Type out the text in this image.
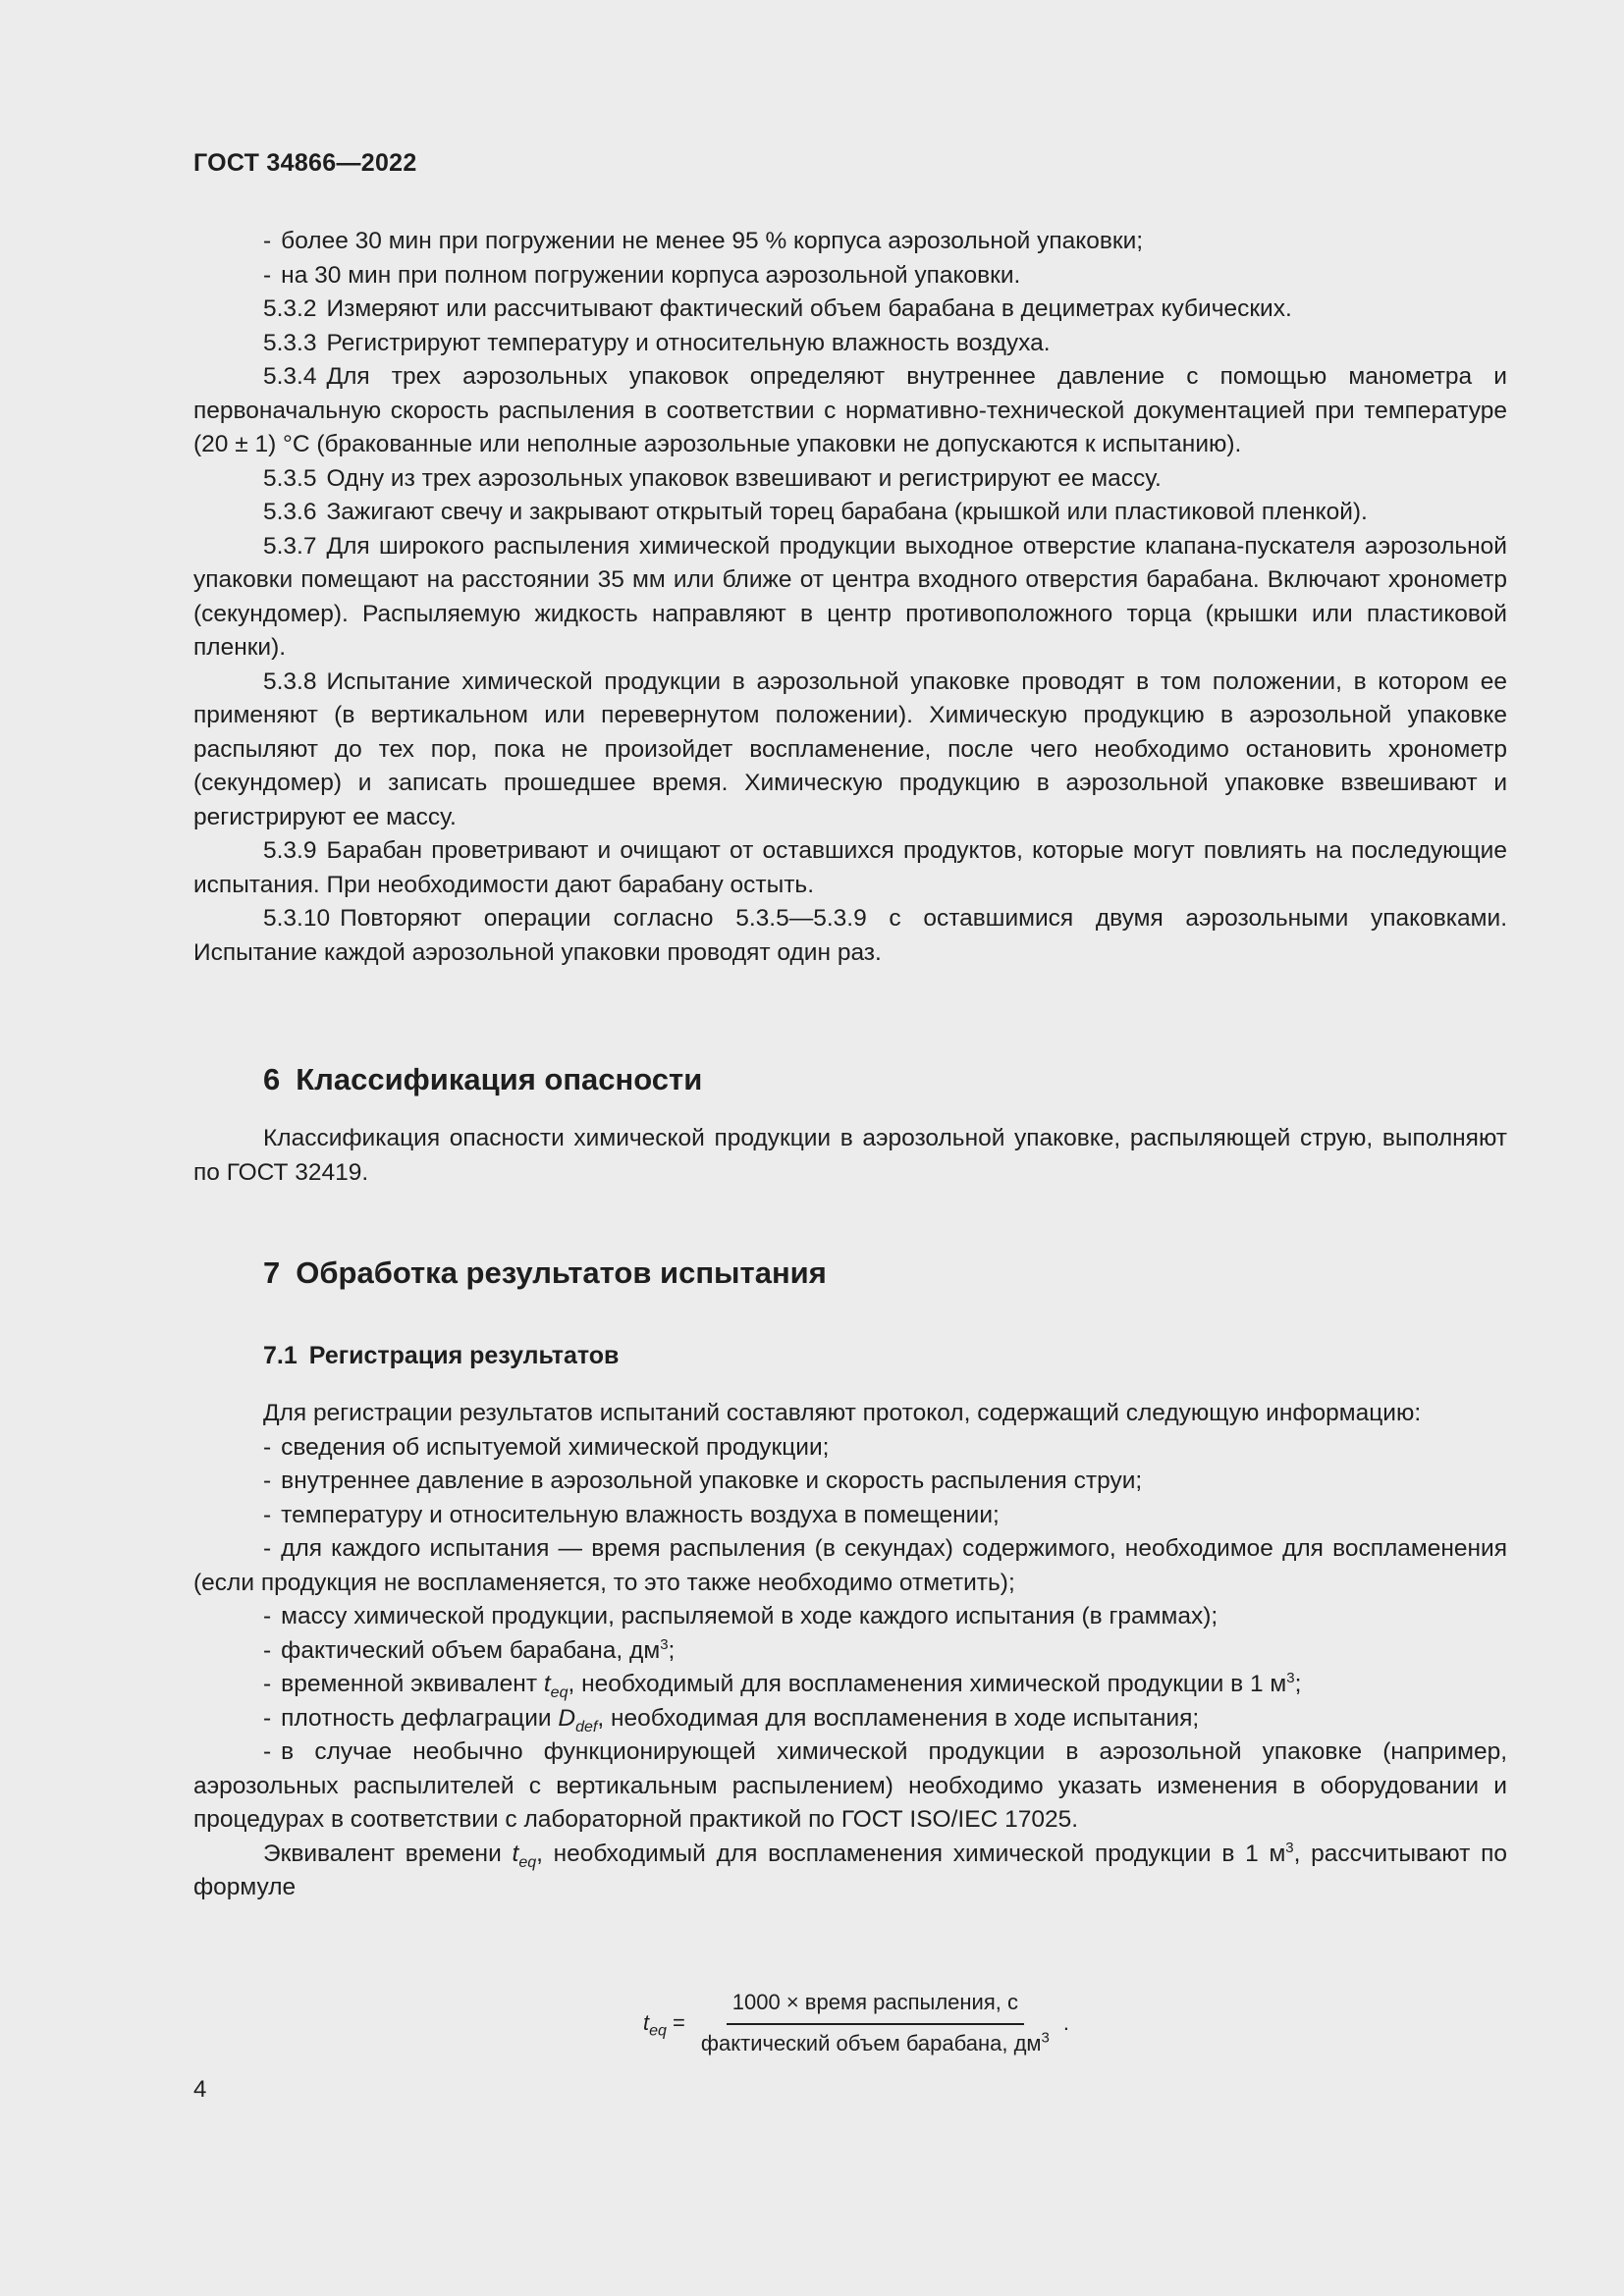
ГОСТ 34866—2022

- более 30 мин при погружении не менее 95 % корпуса аэрозольной упаковки;

- на 30 мин при полном погружении корпуса аэрозольной упаковки.

5.3.2 Измеряют или рассчитывают фактический объем барабана в дециметрах кубических.

5.3.3 Регистрируют температуру и относительную влажность воздуха.

5.3.4 Для трех аэрозольных упаковок определяют внутреннее давление с помощью манометра и первоначальную скорость распыления в соответствии с нормативно-технической документацией при температуре (20 ± 1) °С (бракованные или неполные аэрозольные упаковки не допускаются к испытанию).

5.3.5 Одну из трех аэрозольных упаковок взвешивают и регистрируют ее массу.

5.3.6 Зажигают свечу и закрывают открытый торец барабана (крышкой или пластиковой пленкой).

5.3.7 Для широкого распыления химической продукции выходное отверстие клапана-пускателя аэрозольной упаковки помещают на расстоянии 35 мм или ближе от центра входного отверстия барабана. Включают хронометр (секундомер). Распыляемую жидкость направляют в центр противоположного торца (крышки или пластиковой пленки).

5.3.8 Испытание химической продукции в аэрозольной упаковке проводят в том положении, в котором ее применяют (в вертикальном или перевернутом положении). Химическую продукцию в аэрозольной упаковке распыляют до тех пор, пока не произойдет воспламенение, после чего необходимо остановить хронометр (секундомер) и записать прошедшее время. Химическую продукцию в аэрозольной упаковке взвешивают и регистрируют ее массу.

5.3.9 Барабан проветривают и очищают от оставшихся продуктов, которые могут повлиять на последующие испытания. При необходимости дают барабану остыть.

5.3.10 Повторяют операции согласно 5.3.5—5.3.9 с оставшимися двумя аэрозольными упаковками. Испытание каждой аэрозольной упаковки проводят один раз.

6 Классификация опасности

Классификация опасности химической продукции в аэрозольной упаковке, распыляющей струю, выполняют по ГОСТ 32419.

7 Обработка результатов испытания
7.1 Регистрация результатов

Для регистрации результатов испытаний составляют протокол, содержащий следующую информацию:

- сведения об испытуемой химической продукции;

- внутреннее давление в аэрозольной упаковке и скорость распыления струи;

- температуру и относительную влажность воздуха в помещении;

- для каждого испытания — время распыления (в секундах) содержимого, необходимое для воспламенения (если продукция не воспламеняется, то это также необходимо отметить);

- массу химической продукции, распыляемой в ходе каждого испытания (в граммах);

- фактический объем барабана, $дм^3$;

- временной эквивалент $t_{eq}$, необходимый для воспламенения химической продукции в 1 $м^3$;

- плотность дефлаграции $D_{def}$, необходимая для воспламенения в ходе испытания;

- в случае необычно функционирующей химической продукции в аэрозольной упаковке (например, аэрозольных распылителей с вертикальным распылением) необходимо указать изменения в оборудовании и процедурах в соответствии с лабораторной практикой по ГОСТ ISO/IEC 17025.

Эквивалент времени $t_{eq}$, необходимый для воспламенения химической продукции в 1 $м^3$, рассчитывают по формуле

$t_{eq} = \frac{\text{1000 × время распыления, с}}{фактический объем барабана, дм^3}$ .
4
